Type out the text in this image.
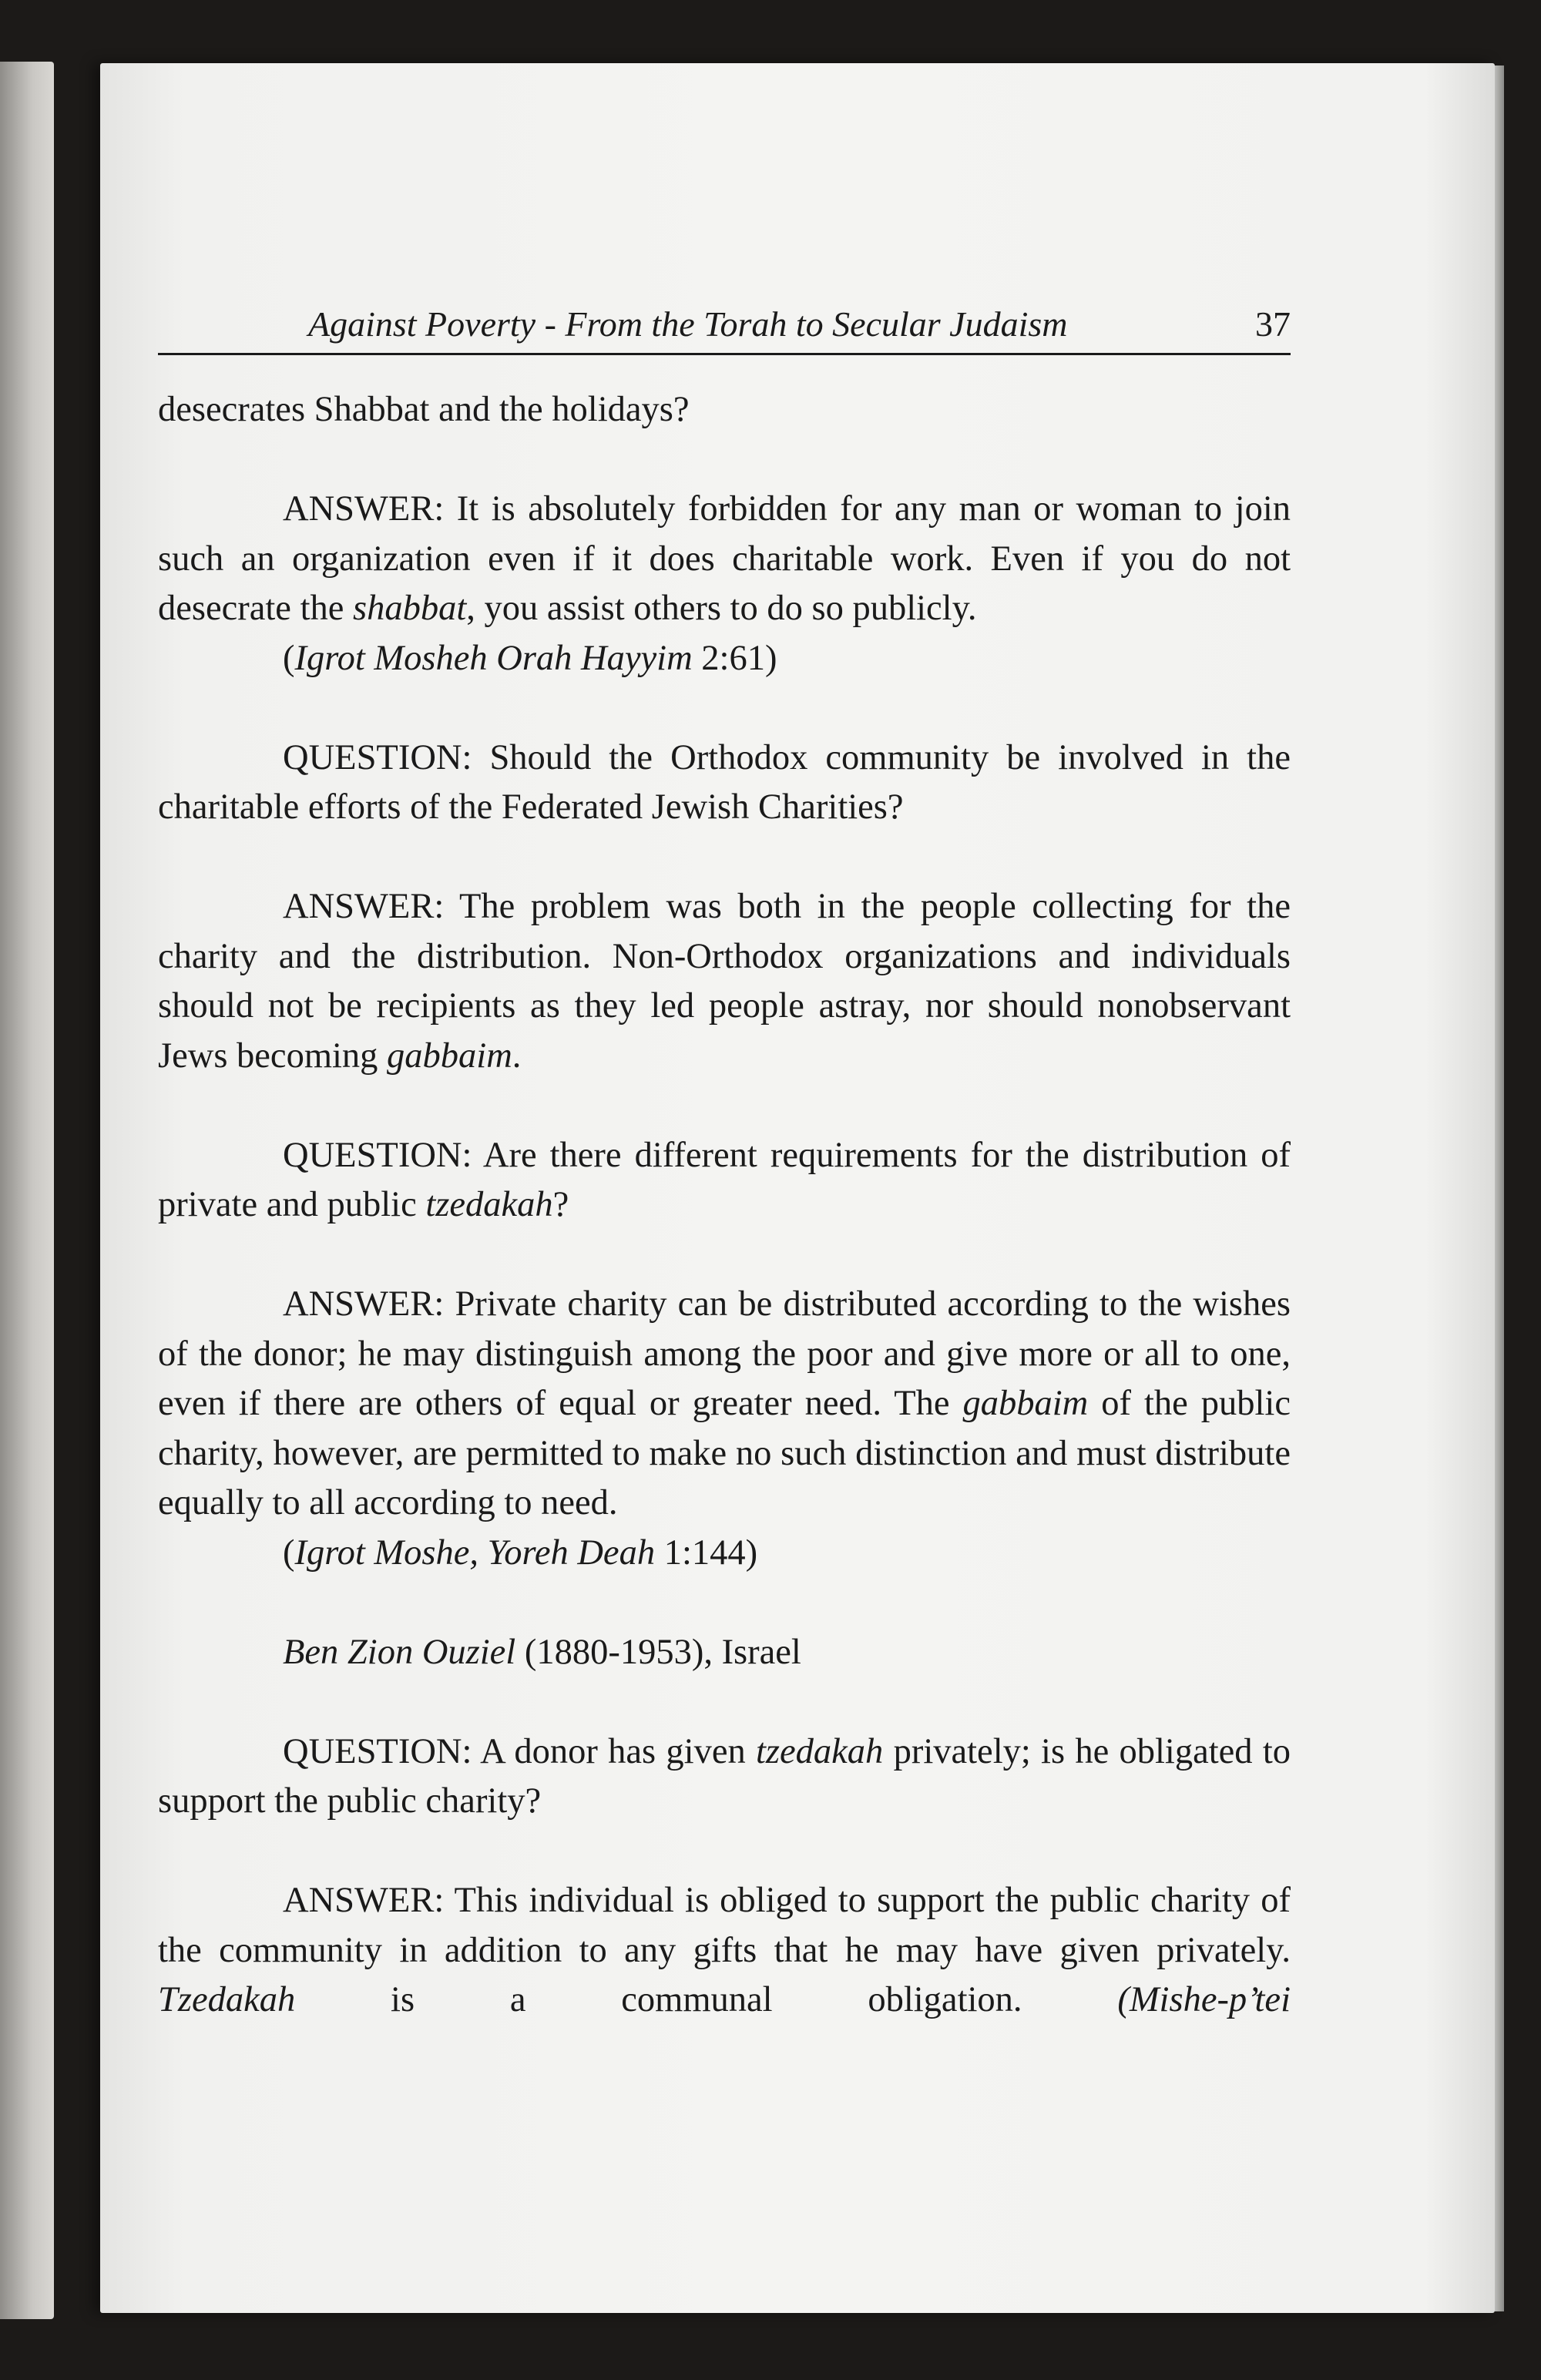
Against Poverty - From the Torah to Secular Judaism	37

desecrates Shabbat and the holidays?

ANSWER: It is absolutely forbidden for any man or woman to join such an organization even if it does charitable work. Even if you do not desecrate the shabbat, you assist others to do so publicly.

(Igrot Mosheh Orah Hayyim 2:61)

QUESTION: Should the Orthodox community be involved in the charitable efforts of the Federated Jewish Charities?

ANSWER: The problem was both in the people collecting for the charity and the distribution. Non-Orthodox organizations and individuals should not be recipients as they led people astray, nor should nonobservant Jews becoming gabbaim.

QUESTION: Are there different requirements for the distribution of private and public tzedakah?

ANSWER: Private charity can be distributed according to the wishes of the donor; he may distinguish among the poor and give more or all to one, even if there are others of equal or greater need. The gabbaim of the public charity, however, are permitted to make no such distinction and must distribute equally to all according to need.

(Igrot Moshe, Yoreh Deah 1:144)

Ben Zion Ouziel (1880-1953), Israel

QUESTION: A donor has given tzedakah privately; is he obligated to support the public charity?

ANSWER: This individual is obliged to support the public charity of the community in addition to any gifts that he may have given privately. Tzedakah is a communal obligation. (Mishe-p’tei
